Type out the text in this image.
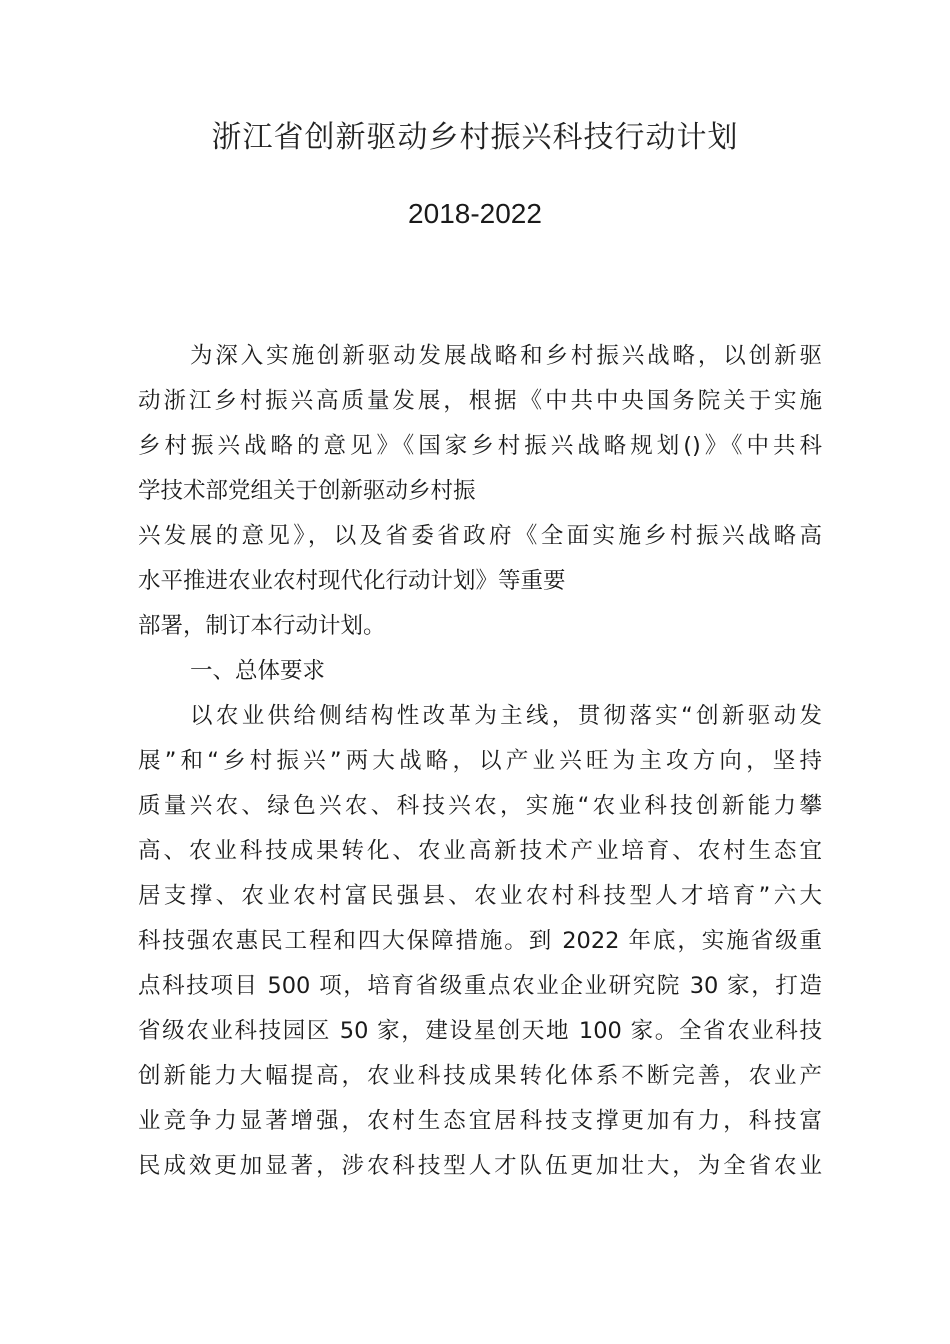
浙江省创新驱动乡村振兴科技行动计划
2018-2022
为深入实施创新驱动发展战略和乡村振兴战略，以创新驱
动浙江乡村振兴高质量发展，根据《中共中央国务院关于实施
乡村振兴战略的意见》《国家乡村振兴战略规划()》《中共科
学技术部党组关于创新驱动乡村振
兴发展的意见》，以及省委省政府《全面实施乡村振兴战略高
水平推进农业农村现代化行动计划》等重要
部署，制订本行动计划。
一、总体要求
以农业供给侧结构性改革为主线，贯彻落实“创新驱动发
展”和“乡村振兴”两大战略，以产业兴旺为主攻方向，坚持
质量兴农、绿色兴农、科技兴农，实施“农业科技创新能力攀
高、农业科技成果转化、农业高新技术产业培育、农村生态宜
居支撑、农业农村富民强县、农业农村科技型人才培育”六大
科技强农惠民工程和四大保障措施。到 2022 年底，实施省级重
点科技项目 500 项，培育省级重点农业企业研究院 30 家，打造
省级农业科技园区 50 家，建设星创天地 100 家。全省农业科技
创新能力大幅提高，农业科技成果转化体系不断完善，农业产
业竞争力显著增强，农村生态宜居科技支撑更加有力，科技富
民成效更加显著，涉农科技型人才队伍更加壮大，为全省农业
